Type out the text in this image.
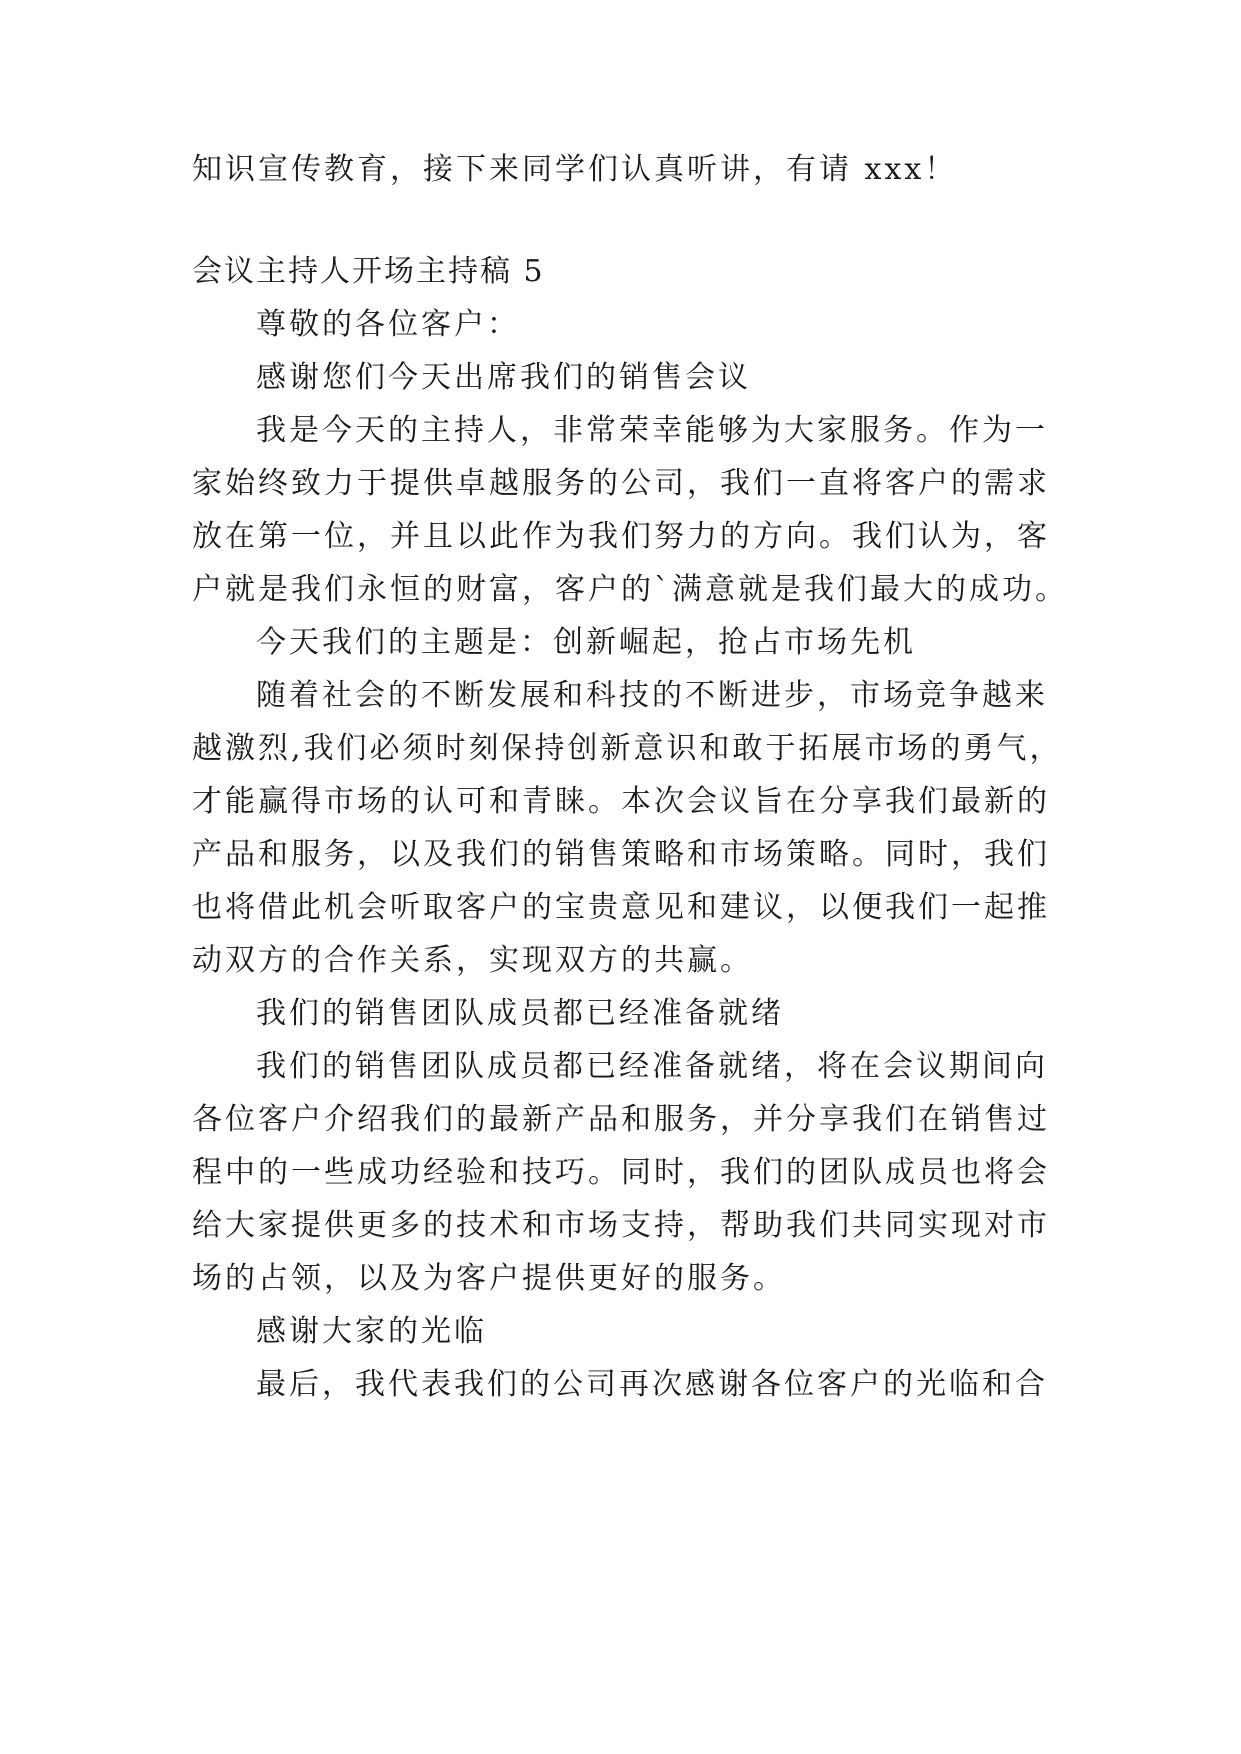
知识宣传教育，接下来同学们认真听讲，有请 xxx！

会议主持人开场主持稿 5

尊敬的各位客户：

感谢您们今天出席我们的销售会议

我是今天的主持人，非常荣幸能够为大家服务。作为一

家始终致力于提供卓越服务的公司，我们一直将客户的需求

放在第一位，并且以此作为我们努力的方向。我们认为，客

户就是我们永恒的财富，客户的`满意就是我们最大的成功。

今天我们的主题是：创新崛起，抢占市场先机

随着社会的不断发展和科技的不断进步，市场竞争越来

越激烈,我们必须时刻保持创新意识和敢于拓展市场的勇气，

才能赢得市场的认可和青睐。本次会议旨在分享我们最新的

产品和服务，以及我们的销售策略和市场策略。同时，我们

也将借此机会听取客户的宝贵意见和建议，以便我们一起推

动双方的合作关系，实现双方的共赢。

我们的销售团队成员都已经准备就绪

我们的销售团队成员都已经准备就绪，将在会议期间向

各位客户介绍我们的最新产品和服务，并分享我们在销售过

程中的一些成功经验和技巧。同时，我们的团队成员也将会

给大家提供更多的技术和市场支持，帮助我们共同实现对市

场的占领，以及为客户提供更好的服务。

感谢大家的光临

最后，我代表我们的公司再次感谢各位客户的光临和合
